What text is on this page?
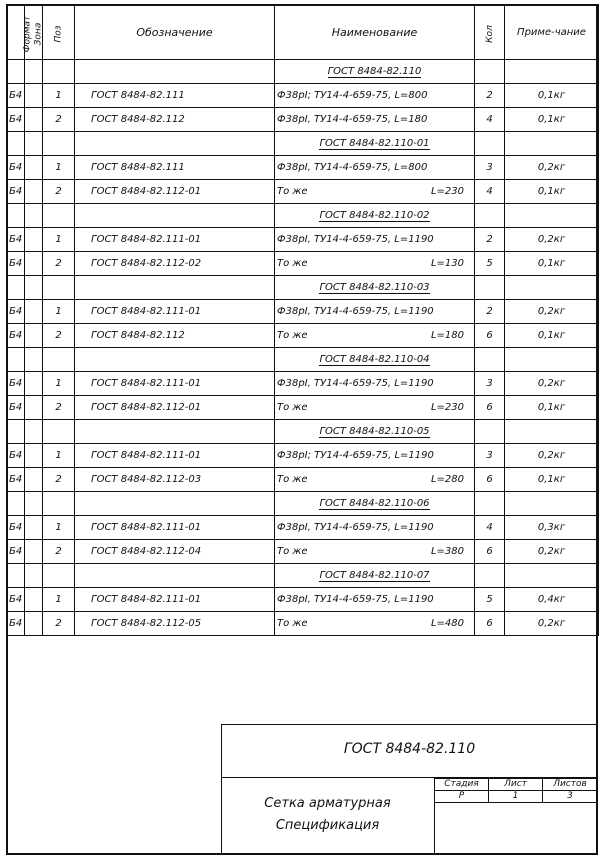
Формат	Зона	Поз	Обозначение	Наименование	Кол	Приме-чание
				ГОСТ 8484-82.110		
Б4		1	ГОСТ 8484-82.111	Ф38рI; ТУ14-4-659-75, L=800	2	0,1кг
Б4		2	ГОСТ 8484-82.112	Ф38рI, ТУ14-4-659-75, L=180	4	0,1кг
				ГОСТ 8484-82.110-01		
Б4		1	ГОСТ 8484-82.111	Ф38рI, ТУ14-4-659-75, L=800	3	0,2кг
Б4		2	ГОСТ 8484-82.112-01	То же L=230	4	0,1кг
				ГОСТ 8484-82.110-02		
Б4		1	ГОСТ 8484-82.111-01	Ф38рI, ТУ14-4-659-75, L=1190	2	0,2кг
Б4		2	ГОСТ 8484-82.112-02	То же L=130	5	0,1кг
				ГОСТ 8484-82.110-03		
Б4		1	ГОСТ 8484-82.111-01	Ф38рI, ТУ14-4-659-75, L=1190	2	0,2кг
Б4		2	ГОСТ 8484-82.112	То же L=180	6	0,1кг
				ГОСТ 8484-82.110-04		
Б4		1	ГОСТ 8484-82.111-01	Ф38рI, ТУ14-4-659-75, L=1190	3	0,2кг
Б4		2	ГОСТ 8484-82.112-01	То же L=230	6	0,1кг
				ГОСТ 8484-82.110-05		
Б4		1	ГОСТ 8484-82.111-01	Ф38рI; ТУ14-4-659-75, L=1190	3	0,2кг
Б4		2	ГОСТ 8484-82.112-03	То же L=280	6	0,1кг
				ГОСТ 8484-82.110-06		
Б4		1	ГОСТ 8484-82.111-01	Ф38рI, ТУ14-4-659-75, L=1190	4	0,3кг
Б4		2	ГОСТ 8484-82.112-04	То же L=380	6	0,2кг
				ГОСТ 8484-82.110-07		
Б4		1	ГОСТ 8484-82.111-01	Ф38рI, ТУ14-4-659-75, L=1190	5	0,4кг
Б4		2	ГОСТ 8484-82.112-05	То же L=480	6	0,2кг
ГОСТ 8484-82.110
Стадия	Лист	Листов
Р	1	3
Сетка арматурная
Спецификация
